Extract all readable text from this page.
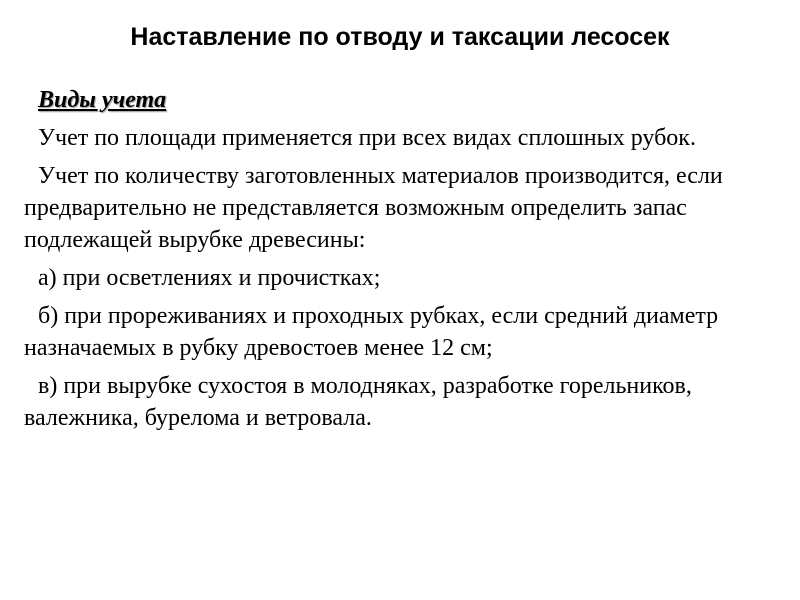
Наставление по отводу и таксации лесосек

Виды учета

Учет по площади применяется при всех видах сплошных рубок.

Учет по количеству заготовленных материалов производится, если предварительно не представляется возможным определить запас подлежащей вырубке древесины:

а) при осветлениях и прочистках;

б) при прореживаниях и проходных рубках, если средний диаметр назначаемых в рубку древостоев менее 12 см;

в) при вырубке сухостоя в молодняках, разработке горельников, валежника, бурелома и ветровала.
